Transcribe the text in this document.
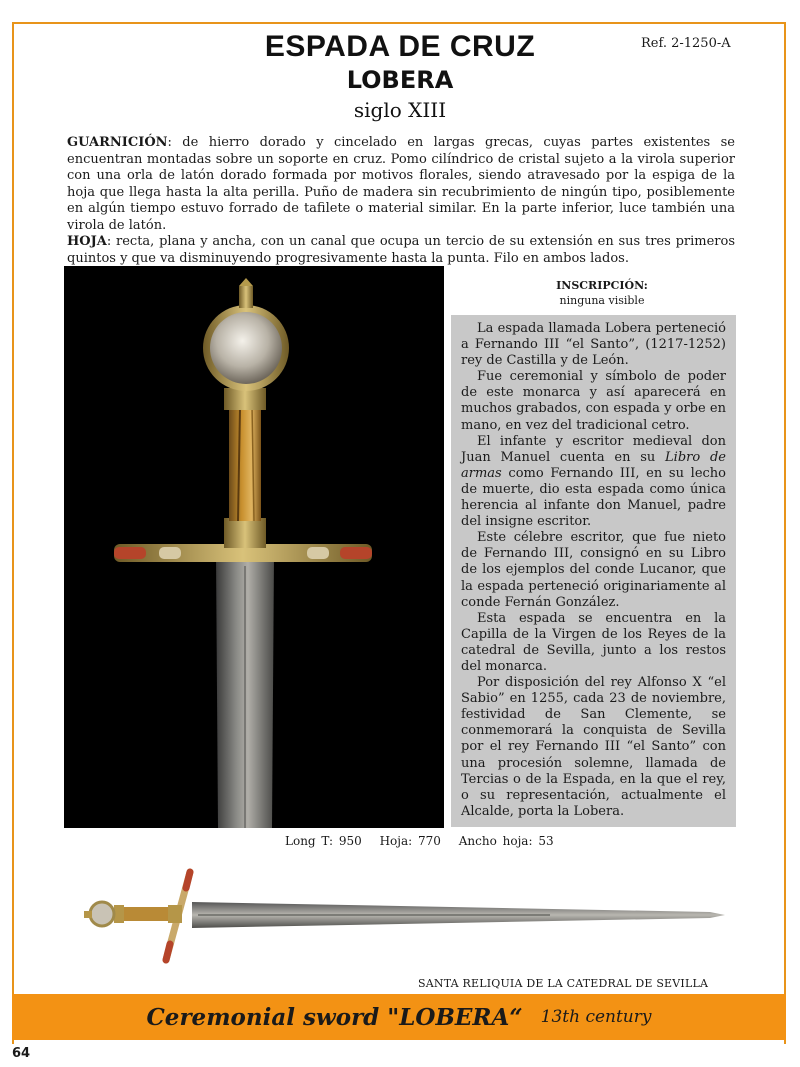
ESPADA DE CRUZ
LOBERA
siglo XIII
Ref. 2-1250-A
GUARNICIÓN: de hierro dorado y cincelado en largas grecas, cuyas partes existentes se encuentran montadas sobre un soporte en cruz. Pomo cilíndrico de cristal sujeto a la virola superior con una orla de latón dorado formada por motivos florales, siendo atravesado por la espiga de la hoja que llega hasta la alta perilla. Puño de madera sin recubrimiento de ningún tipo, posiblemente en algún tiempo estuvo forrado de tafilete o material similar. En la parte inferior, luce también una virola de latón.
HOJA: recta, plana y ancha, con un canal que ocupa un tercio de su extensión en sus tres primeros quintos y que va disminuyendo progresivamente hasta la punta. Filo en ambos lados.
INSCRIPCIÓN:
ninguna visible

La espada llamada Lobera perteneció a Fernando III “el Santo”, (1217-1252) rey de Castilla y de León.

Fue ceremonial y símbolo de poder de este monarca y así aparecerá en muchos grabados, con espada y orbe en mano, en vez del tradicional cetro.

El infante y escritor medieval don Juan Manuel cuenta en su Libro de armas como Fernando III, en su lecho de muerte, dio esta espada como única herencia al infante don Manuel, padre del insigne escritor.

Este célebre escritor, que fue nieto de Fernando III, consignó en su Libro de los ejemplos del conde Lucanor, que la espada perteneció originariamente al conde Fernán González.

Esta espada se encuentra en la Capilla de la Virgen de los Reyes de la catedral de Sevilla, junto a los restos del monarca.

Por disposición del rey Alfonso X “el Sabio” en 1255, cada 23 de noviembre, festividad de San Clemente, se conmemorará la conquista de Sevilla por el rey Fernando III “el Santo” con una procesión solemne, llamada de Tercias o de la Espada, en la que el rey, o su representación, actualmente el Alcalde, porta la Lobera.

Long T: 950 Hoja: 770 Ancho hoja: 53
SANTA RELIQUIA DE LA CATEDRAL DE SEVILLA
Ceremonial sword "LOBERA“ 13th century
64
